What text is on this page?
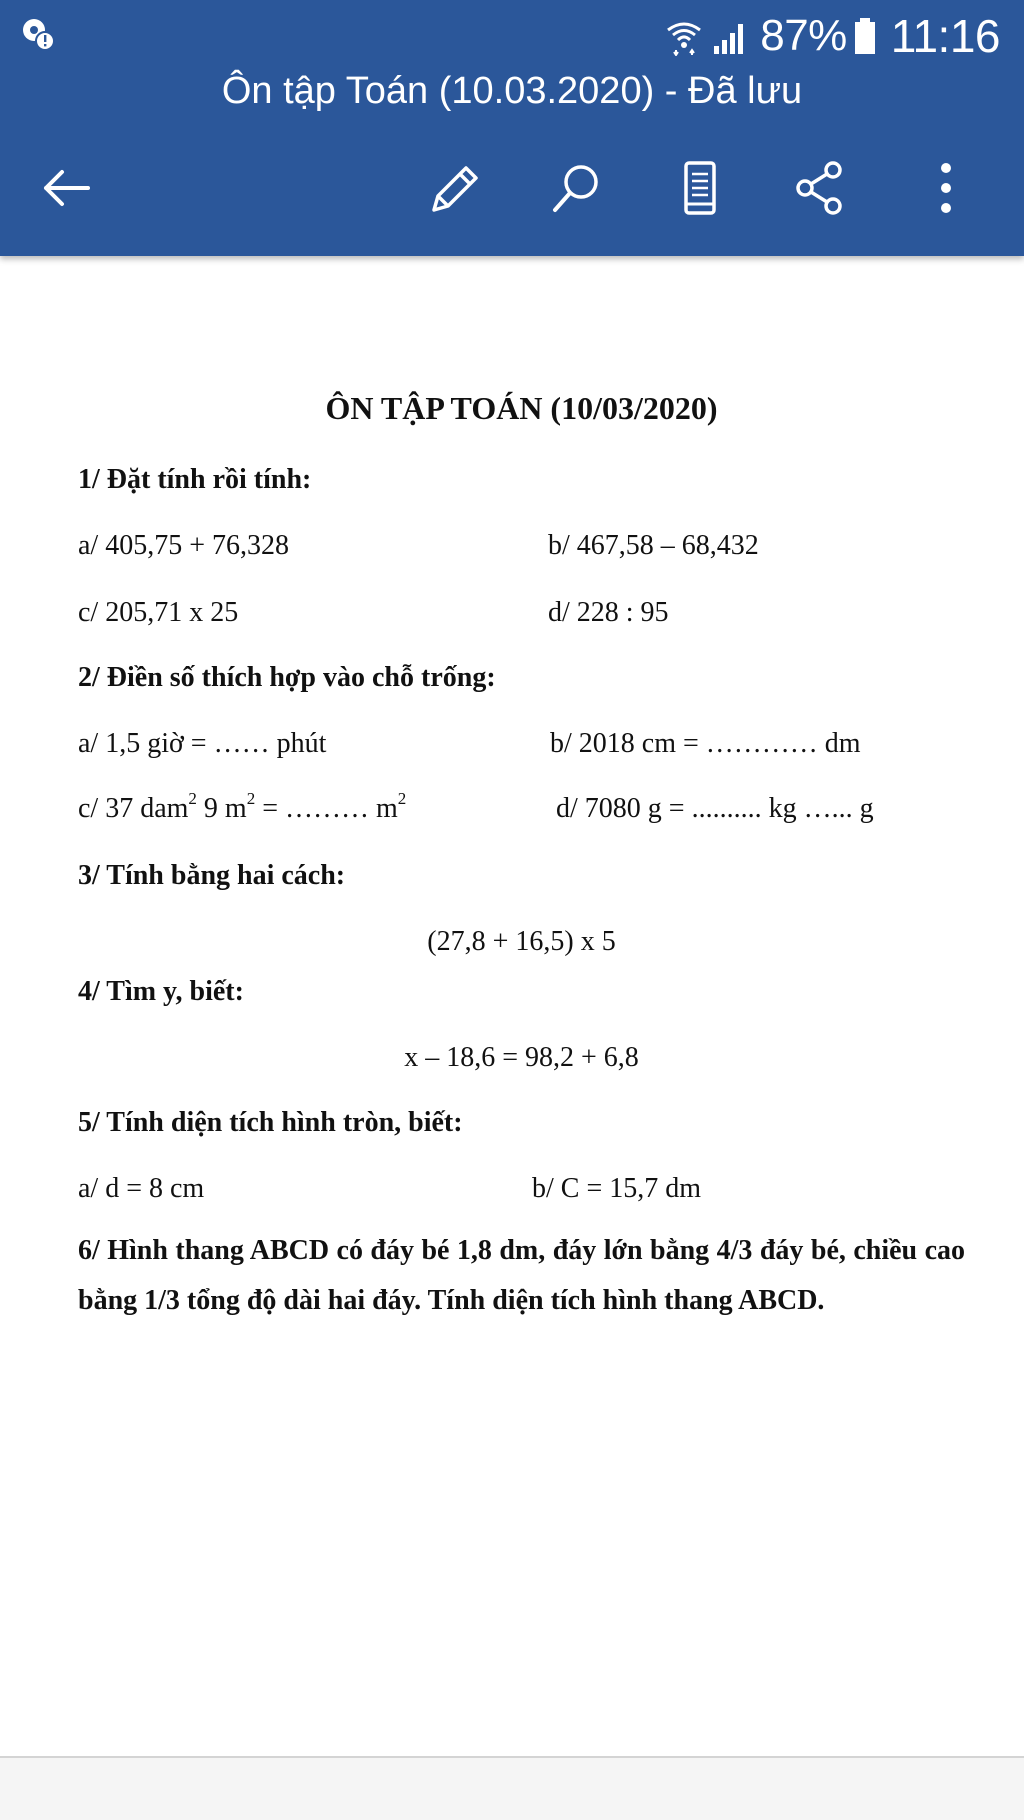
87% 11:16
Ôn tập Toán (10.03.2020) - Đã lưu
ÔN TẬP TOÁN (10/03/2020)
1/ Đặt tính rồi tính:
a/ 405,75 + 76,328	b/ 467,58 – 68,432
c/ 205,71 x 25	d/ 228 : 95
2/ Điền số thích hợp vào chỗ trống:
a/ 1,5 giờ = …… phút	b/ 2018 cm = ………… dm
c/ 37 dam$^2$ 9 $m^2$ = ……… $m^2$	d/ 7080 g = .......... kg …... g
3/ Tính bằng hai cách:
(27,8 + 16,5) x 5
4/ Tìm y, biết:
x – 18,6 = 98,2 + 6,8
5/ Tính diện tích hình tròn, biết:
a/ d = 8 cm	b/ C = 15,7 dm
6/ Hình thang ABCD có đáy bé 1,8 dm, đáy lớn bằng 4/3 đáy bé, chiều cao bằng 1/3 tổng độ dài hai đáy. Tính diện tích hình thang ABCD.
